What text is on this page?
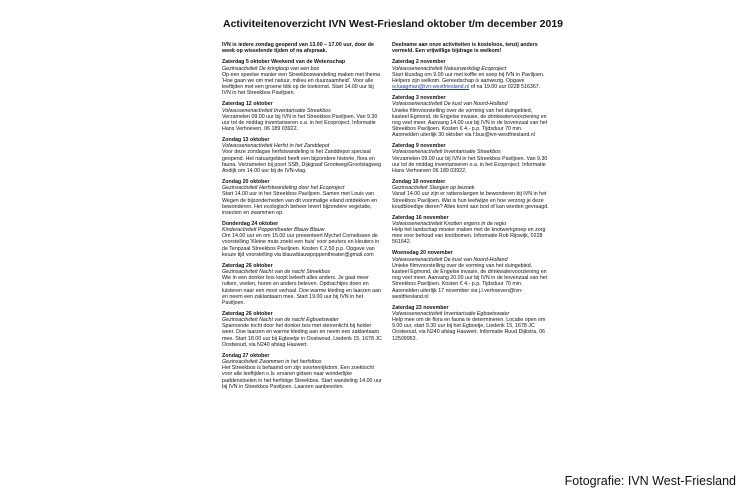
Activiteitenoverzicht IVN West-Friesland oktober t/m december 2019
IVN is iedere zondag geopend van 13.00 – 17.00 uur, door de week op wisselende tijden of na afspraak.
Zaterdag 5 oktober Weekend van de Wetenschap
Gezinsactiviteit De kringloop van een bos
Op een speelse manier een Streekboswandeling maken met thema 'Hoe gaan we om met natuur, milieu en duurzaamheid'. Voor alle leeftijden met een groene blik op de toekomst. Start 14.00 uur bij IVN in het Streekbos Paviljoen.
Zaterdag 12 oktober
Volwassenenactiviteit Inventarisatie Streekbos
Verzamelen 09.00 uur bij IVN in het Streekbos Paviljoen. Van 9.30 uur tot de middag inventariseren o.a. in het Ecoproject. Informatie Hans Verhoeven, 06 189 03922.
Zondag 13 oktober
Volwassenenactiviteit Herfst in het Zanddepot
Voor deze zondagse herfstwandeling is het Zanddepot speciaal geopend. Het natuurgebied heeft een bijzondere historie, flora en fauna. Verzamelen bij poort SSB, Dijkgraaf Grootweg/Grootslagweg Andijk om 14.00 uur bij de IVN-vlag.
Zondag 20 oktober
Gezinsactiviteit Herfstwandeling door het Ecoproject
Start 14.00 uur in het Streekbos Paviljoen. Samen met Louis van Wegen de bijzonderheden van dit voormalige eiland ontdekken en bewonderen. Het ecologisch beheer levert bijzondere vegetatie, insecten en zwammen op.
Donderdag 24 oktober
Kinderactiviteit Poppentheater Blauw Blauw
Om 14.00 uur en om 15.00 uur presenteert Mychel Cornelissen de voorstelling 'Kleine muis zoekt een huis' voor peuters en kleuters in de Tenpzaal Streekbos Paviljoen. Kosten € 2,50 p.p. Opgave van keuze tijd voorstelling via blauwblauwpoppentheater@gmail.com
Zaterdag 26 oktober
Gezinsactiviteit Nacht van de nacht Streekbos
Wie in een donker bos loopt beleeft alles anders. Je gaat meer ruiken, voelen, horen en anders beleven. Opdrachtjes doen en luisteren naar een mooi verhaal. Doe warme kleding en laarzen aan en neem een zaklantaarn mee. Start 19.00 uur bij IVN in het Paviljoen.
Zaterdag 26 oktober
Gezinsactiviteit Nacht van de nacht Egboetswater
Spannende tocht door het donker bos met sterrenlicht bij helder weer. Doe laarzen en warme kleding aan en neem een zaklantaarn mee. Start 18.00 uur bij Egboetje in Oostwoud, Liederik 15, 1678 JC Oostwoud, via N240 afslag Hauwert.
Zondag 27 oktober
Gezinsactiviteit Zwammen in het herfstbos
Het Streekbos is befaamd om zijn soortenrijkdom. Een zoektocht voor alle leeftijden o.lv. ervaren gidsen naar wonderlijke paddenstoelen in het herfstige Streekbos. Start wandeling 14.00 uur bij IVN in Streekbos Paviljoen. Laarzen aanbevolen.
Deelname aan onze activiteiten is kosteloos, tenzij anders vermeld. Een vrijwillige bijdrage is welkom!
Zaterdag 2 november
Volwassenenactiviteit Natuurwerkdag Ecoproject
Start klusdag om 9.00 uur met koffie en soep bij IVN in Paviljoen. Helpers zijn welkom. Gereedschap is aanwezig. Opgave w.kaagman@ivn-westfriesland.nl of na 19.00 uur 0228 516367.
Zaterdag 3 november
Volwassenenactiviteit De kust van Noord-Holland
Unieke filmvoorstelling over de vorming van het duingebied, kasteel Egmond, de Engelse invasie, de drinkwatervoorziening en nog veel meer. Aanvang 14.00 uur bij IVN in de bovenzaal van het Streekbos Paviljoen. Kosten € 4.- p.p. Tijdsduur 70 min. Aanmelden uiterlijk 30 oktober via f.bus@ivn-westfriesland.nl
Zaterdag 9 november
Volwassenenactiviteit Inventarisatie Streekbos
Verzamelen 09.00 uur bij IVN in het Streekbos Paviljoen. Van 9.30 uur tot de middag inventariseren o.a. in het Ecoproject. Informatie Hans Verhoeven 06 189 03922.
Zondag 10 november
Gezinsactiviteit Slangen op bezoek
Vanaf 14.00 uur zijn er rattenslangen te bewonderen bij IVN in het Streekbos Paviljoen. Wat is hun leefwijze en hoe verzorg je deze koudbloedige dieren? Alles komt aan bod of kan worden gevraagd.
Zaterdag 16 november
Volwassenenactiviteit Knotten ergens in de regio
Help het landschap mooier maken met de knotwerkgroep en zorg mee voor behoud van knotbomen. Informatie Rob Rijswijk, 0228 561642.
Woensdag 20 november
Volwassenenactiviteit De kust van Noord-Holland
Unieke filmvoorstelling over de vorming van het duingebied, kasteel Egmond, de Engelse invasie, de drinkwatervoorziening en nog veel meer. Aanvang 20.00 uur bij IVN in de bovenzaal van het Streekbos Paviljoen. Kosten € 4.- p.p. Tijdsduur 70 min. Aanmelden uiterlijk 17 november via j.l.verhoeven@ivn-westfriesland.nl
Zaterdag 23 november
Volwassenenactiviteit Inventarisatie Egboetswater
Help mee om de flora en fauna te determineren. Locatie open om 9.00 uur, start 9.30 uur bij het Egboetje, Liederik 15, 1678 JC Oostwoud, via N240 afslag Hauwert. Informatie Ruud Dijkstra, 06 12509953.
Fotografie: IVN West-Friesland
